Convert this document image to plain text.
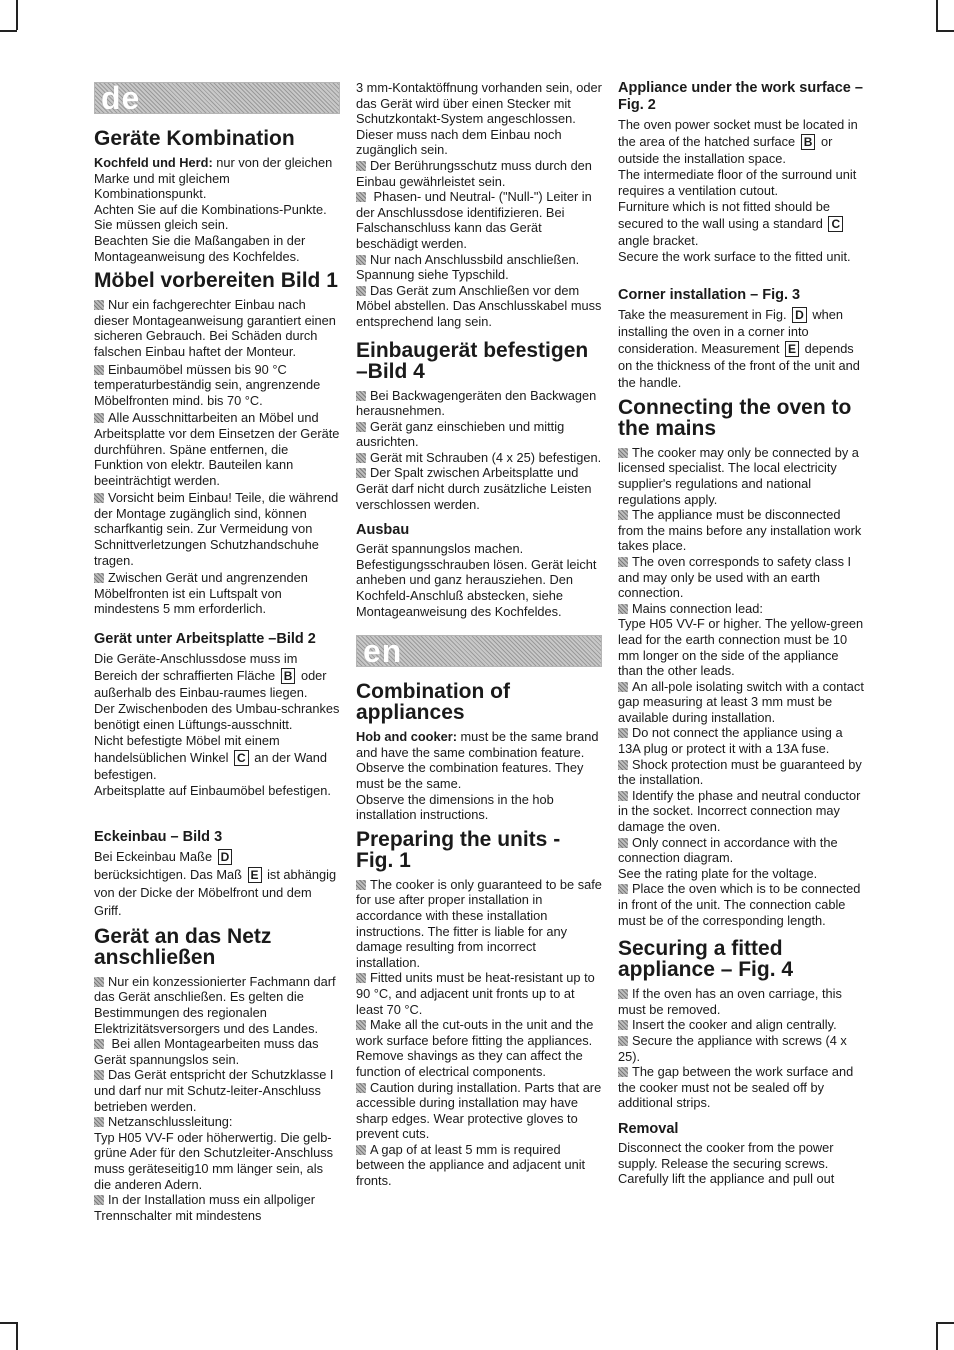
de
Geräte Kombination

Kochfeld und Herd: nur von der gleichen Marke und mit gleichem Kombinationspunkt.

Achten Sie auf die Kombinations-Punkte. Sie müssen gleich sein.

Beachten Sie die Maßangaben in der Montageanweisung des Kochfeldes.

Möbel vorbereiten Bild 1

Nur ein fachgerechter Einbau nach dieser Montageanweisung garantiert einen sicheren Gebrauch. Bei Schäden durch falschen Einbau haftet der Monteur.

Einbaumöbel müssen bis 90 °C temperaturbeständig sein, angrenzende Möbelfronten mind. bis 70 °C.

Alle Ausschnittarbeiten an Möbel und Arbeitsplatte vor dem Einsetzen der Geräte durchführen. Späne entfernen, die Funktion von elektr. Bauteilen kann beeinträchtigt werden.

Vorsicht beim Einbau! Teile, die während der Montage zugänglich sind, können scharfkantig sein. Zur Vermeidung von Schnittverletzungen Schutzhandschuhe tragen.

Zwischen Gerät und angrenzenden Möbelfronten ist ein Luftspalt von mindestens 5 mm erforderlich.

Gerät unter Arbeitsplatte –Bild 2

Die Geräte-Anschlussdose muss im Bereich der schraffierten Fläche B oder außerhalb des Einbau-raumes liegen.

Der Zwischenboden des Umbau-schrankes benötigt einen Lüftungs-ausschnitt.

Nicht befestigte Möbel mit einem handelsüblichen Winkel C an der Wand befestigen.

Arbeitsplatte auf Einbaumöbel befestigen.

Eckeinbau – Bild 3

Bei Eckeinbau Maße D
berücksichtigen. Das Maß E ist abhängig von der Dicke der Möbelfront und dem Griff.

Gerät an das Netz anschließen

Nur ein konzessionierter Fachmann darf das Gerät anschließen. Es gelten die Bestimmungen des regionalen Elektrizitätsversorgers und des Landes.

Bei allen Montagearbeiten muss das Gerät spannungslos sein.

Das Gerät entspricht der Schutzklasse I und darf nur mit Schutz-leiter-Anschluss betrieben werden.

Netzanschlussleitung:

Typ H05 VV-F oder höherwertig. Die gelb-grüne Ader für den Schutzleiter-Anschluss muss geräteseitig10 mm länger sein, als die anderen Adern.

In der Installation muss ein allpoliger Trennschalter mit mindestens

3 mm-Kontaktöffnung vorhanden sein, oder das Gerät wird über einen Stecker mit Schutzkontakt-System angeschlossen. Dieser muss nach dem Einbau noch zugänglich sein.

Der Berührungsschutz muss durch den Einbau gewährleistet sein.

Phasen- und Neutral- ("Null-") Leiter in der Anschlussdose identifizieren. Bei Falschanschluss kann das Gerät beschädigt werden.

Nur nach Anschlussbild anschließen.

Spannung siehe Typschild.

Das Gerät zum Anschließen vor dem Möbel abstellen. Das Anschlusskabel muss entsprechend lang sein.

Einbaugerät befestigen –Bild 4

Bei Backwagengeräten den Backwagen herausnehmen.

Gerät ganz einschieben und mittig ausrichten.

Gerät mit Schrauben (4 x 25) befestigen.

Der Spalt zwischen Arbeitsplatte und Gerät darf nicht durch zusätzliche Leisten verschlossen werden.

Ausbau

Gerät spannungslos machen. Befestigungsschrauben lösen. Gerät leicht anheben und ganz herausziehen. Den Kochfeld-Anschluß abstecken, siehe Montageanweisung des Kochfeldes.

en
Combination of appliances

Hob and cooker: must be the same brand and have the same combination feature.

Observe the combination features. They must be the same.

Observe the dimensions in the hob installation instructions.

Preparing the units - Fig. 1

The cooker is only guaranteed to be safe for use after proper installation in accordance with these installation instructions. The fitter is liable for any damage resulting from incorrect installation.

Fitted units must be heat-resistant up to 90 °C, and adjacent unit fronts up to at least 70 °C.

Make all the cut-outs in the unit and the work surface before fitting the appliances. Remove shavings as they can affect the function of electrical components.

Caution during installation. Parts that are accessible during installation may have sharp edges. Wear protective gloves to prevent cuts.

A gap of at least 5 mm is required between the appliance and adjacent unit fronts.

Appliance under the work surface – Fig. 2

The oven power socket must be located in the area of the hatched surface B or outside the installation space.

The intermediate floor of the surround unit requires a ventilation cutout.

Furniture which is not fitted should be secured to the wall using a standard C angle bracket.

Secure the work surface to the fitted unit.

Corner installation – Fig. 3

Take the measurement in Fig. D when installing the oven in a corner into consideration. Measurement E depends on the thickness of the front of the unit and the handle.

Connecting the oven to the mains

The cooker may only be connected by a licensed specialist. The local electricity supplier's regulations and national regulations apply.

The appliance must be disconnected from the mains before any installation work takes place.

The oven corresponds to safety class I and may only be used with an earth connection.

Mains connection lead:

Type H05 VV-F or higher. The yellow-green lead for the earth connection must be 10 mm longer on the side of the appliance than the other leads.

An all-pole isolating switch with a contact gap measuring at least 3 mm must be available during installation.

Do not connect the appliance using a 13A plug or protect it with a 13A fuse.

Shock protection must be guaranteed by the installation.

Identify the phase and neutral conductor in the socket. Incorrect connection may damage the oven.

Only connect in accordance with the connection diagram.

See the rating plate for the voltage.

Place the oven which is to be connected in front of the unit. The connection cable must be of the corresponding length.

Securing a fitted appliance – Fig. 4

If the oven has an oven carriage, this must be removed.

Insert the cooker and align centrally.

Secure the appliance with screws (4 x 25).

The gap between the work surface and the cooker must not be sealed off by additional strips.

Removal

Disconnect the cooker from the power supply. Release the securing screws. Carefully lift the appliance and pull out
